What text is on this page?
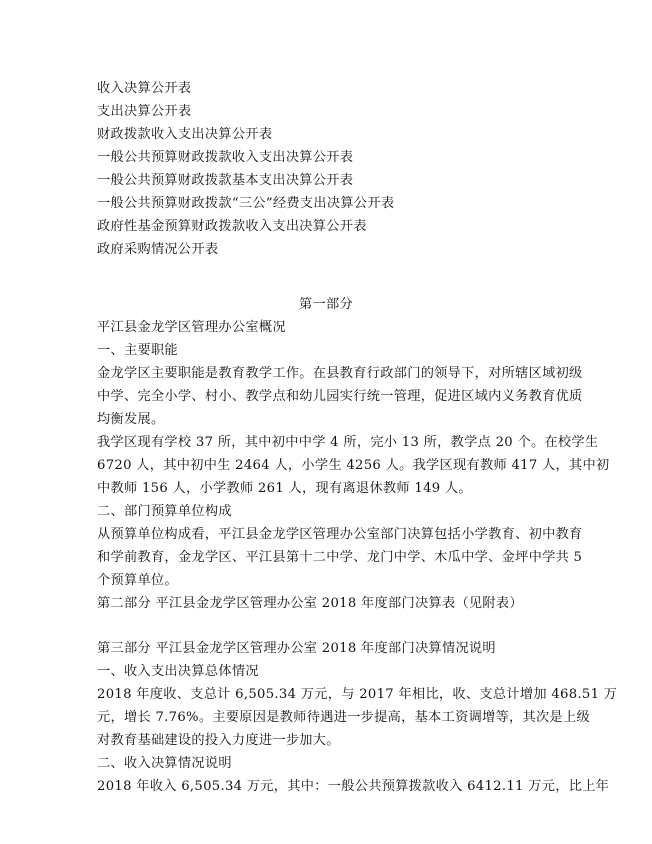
收入决算公开表
支出决算公开表
财政拨款收入支出决算公开表
一般公共预算财政拨款收入支出决算公开表
一般公共预算财政拨款基本支出决算公开表
一般公共预算财政拨款“三公”经费支出决算公开表
政府性基金预算财政拨款收入支出决算公开表
政府采购情况公开表
第一部分
平江县金龙学区管理办公室概况
一、主要职能
金龙学区主要职能是教育教学工作。在县教育行政部门的领导下，对所辖区域初级
中学、完全小学、村小、教学点和幼儿园实行统一管理，促进区域内义务教育优质
均衡发展。
我学区现有学校 37 所，其中初中中学 4 所，完小 13 所，教学点 20 个。在校学生
6720 人，其中初中生 2464 人，小学生 4256 人。我学区现有教师 417 人，其中初
中教师 156 人，小学教师 261 人，现有离退休教师 149 人。
二、部门预算单位构成
从预算单位构成看，平江县金龙学区管理办公室部门决算包括小学教育、初中教育
和学前教育，金龙学区、平江县第十二中学、龙门中学、木瓜中学、金坪中学共 5
个预算单位。
第二部分 平江县金龙学区管理办公室 2018 年度部门决算表（见附表）
第三部分 平江县金龙学区管理办公室 2018 年度部门决算情况说明
一、收入支出决算总体情况
2018 年度收、支总计 6,505.34 万元，与 2017 年相比，收、支总计增加 468.51 万
元，增长 7.76%。主要原因是教师待遇进一步提高，基本工资调增等，其次是上级
对教育基础建设的投入力度进一步加大。
二、收入决算情况说明
2018 年收入 6,505.34 万元，其中：一般公共预算拨款收入 6412.11 万元，比上年
